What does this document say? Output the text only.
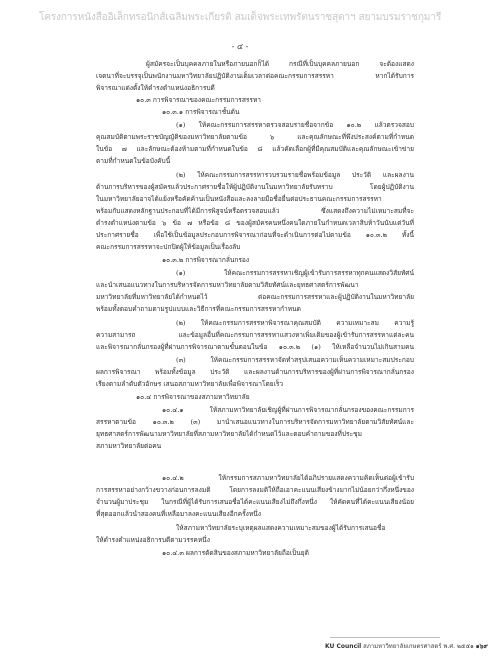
โครงการหนังสืออิเล็กทรอนิกส์เฉลิมพระเกียรติ สมเด็จพระเทพรัตนราชสุดาฯ สยามบรมราชกุมารี
- ๔ -
ผู้สมัครจะเป็นบุคคลภายในหรือภายนอกก็ได้ กรณีที่เป็นบุคคลภายนอก จะต้องแสดง
เจตนาที่จะบรรจุเป็นพนักงานมหาวิทยาลัยปฏิบัติงานเต็มเวลาต่อคณะกรรมการสรรหา หากได้รับการ
พิจารณาแต่งตั้งให้ดำรงตำแหน่งอธิการบดี
๑๐.๓ การพิจารณาของคณะกรรมการสรรหา
๑๐.๓.๑ การพิจารณาชั้นต้น
(๑) ให้คณะกรรมการสรรหาตรวจสอบรายชื่อจากข้อ ๑๐.๒ แล้วตรวจสอบ
คุณสมบัติตามพระราชบัญญัติของมหาวิทยาลัยตามข้อ ๖ และคุณลักษณะที่พึงประสงค์ตามที่กำหนด
ในข้อ ๗ และลักษณะต้องห้ามตามที่กำหนดในข้อ ๘ แล้วคัดเลือกผู้ที่มีคุณสมบัติและคุณลักษณะเข้าข่าย
ตามที่กำหนดในข้อบังคับนี้
(๒) ให้คณะกรรมการสรรหารวบรวมรายชื่อพร้อมข้อมูล ประวัติ และผลงาน
ด้านการบริหารของผู้สมัครแล้วประกาศรายชื่อให้ผู้ปฏิบัติงานในมหาวิทยาลัยรับทราบ โดยผู้ปฏิบัติงาน
ในมหาวิทยาลัยอาจได้แย้งหรือคัดค้านเป็นหนังสือและลงลายมือชื่อยื่นต่อประธานคณะกรรมการสรรหา
พร้อมกับแสดงหลักฐานประกอบที่ได้มีการพิสูจน์หรือตรวจสอบแล้ว ซึ่งแสดงถึงความไม่เหมาะสมที่จะ
ดำรงตำแหน่งตามข้อ ๖ ข้อ ๗ หรือข้อ ๘ ของผู้สมัครคนหนึ่งคนใดภายในกำหนดเวลาสิบห้าวันนับแต่วันที่
ประกาศรายชื่อ เพื่อใช้เป็นข้อมูลประกอบการพิจารณาก่อนที่จะดำเนินการต่อไปตามข้อ ๑๐.๓.๒ ทั้งนี้
คณะกรรมการสรรหาจะปกปิดผู้ให้ข้อมูลเป็นเรื่องลับ
๑๐.๓.๒ การพิจารณากลั่นกรอง
(๑) ให้คณะกรรมการสรรหาเชิญผู้เข้ารับการสรรหาทุกคนแสดงวิสัยทัศน์
และนำเสนอแนวทางในการบริหารจัดการมหาวิทยาลัยตามวิสัยทัศน์และยุทธศาสตร์การพัฒนา
มหาวิทยาลัยที่มหาวิทยาลัยได้กำหนดไว้ ต่อคณะกรรมการสรรหาและผู้ปฏิบัติงานในมหาวิทยาลัย
พร้อมทั้งตอบคำถามตามรูปแบบและวิธีการที่คณะกรรมการสรรหากำหนด
(๒) ให้คณะกรรมการสรรหาพิจารณาคุณสมบัติ ความเหมาะสม ความรู้
ความสามารถ และข้อมูลอื่นที่คณะกรรมการสรรหาแสวงหาเพิ่มเติมของผู้เข้ารับการสรรหาแต่ละคน
และพิจารณากลั่นกรองผู้ที่ผ่านการพิจารณาตามขั้นตอนในข้อ ๑๐.๓.๒ (๑) ให้เหลือจำนวนไม่เกินสามคน
(๓) ให้คณะกรรมการสรรหาจัดทำสรุปเสนอความเห็นความเหมาะสมประกอบ
ผลการพิจารณา พร้อมทั้งข้อมูล ประวัติ และผลงานด้านการบริหารของผู้ที่ผ่านการพิจารณากลั่นกรอง
เรียงตามลำดับตัวอักษร เสนอสภามหาวิทยาลัยเพื่อพิจารณาโดยเร็ว
๑๐.๔ การพิจารณาของสภามหาวิทยาลัย
๑๐.๔.๑ ให้สภามหาวิทยาลัยเชิญผู้ที่ผ่านการพิจารณากลั่นกรองของคณะกรรมการ
สรรหาตามข้อ ๑๐.๓.๒ (๓) มานำเสนอแนวทางในการบริหารจัดการมหาวิทยาลัยตามวิสัยทัศน์และ
ยุทธศาสตร์การพัฒนามหาวิทยาลัยที่สภามหาวิทยาลัยได้กำหนดไว้และตอบคำถามของที่ประชุม
สภามหาวิทยาลัยต่อคน
๑๐.๔.๒ ให้กรรมการสภามหาวิทยาลัยได้อภิปรายแสดงความคิดเห็นต่อผู้เข้ารับ
การสรรหาอย่างกว้างขวางก่อนการลงมติ โดยการลงมติให้ถือเอาคะแนนเสียงข้างมากไม่น้อยกว่ากึ่งหนึ่งของ
จำนวนผู้มาประชุม ในกรณีที่ผู้ได้รับการเสนอชื่อได้คะแนนเสียงไม่ถึงกึ่งหนึ่ง ให้คัดคนที่ได้คะแนนเสียงน้อย
ที่สุดออกแล้วนำสองคนที่เหลือมาลงคะแนนเสียงอีกครั้งหนึ่ง
ให้สภามหาวิทยาลัยระบุเหตุผลแสดงความเหมาะสมของผู้ได้รับการเสนอชื่อ
ให้ดำรงตำแหน่งอธิการบดีตามวรรคหนึ่ง
๑๐.๔.๓ ผลการตัดสินของสภามหาวิทยาลัยถือเป็นยุติ
KU Council สภามหาวิทยาลัยเกษตรศาสตร์ พ.ศ. ๒๕๕๑ ๑๖๙
